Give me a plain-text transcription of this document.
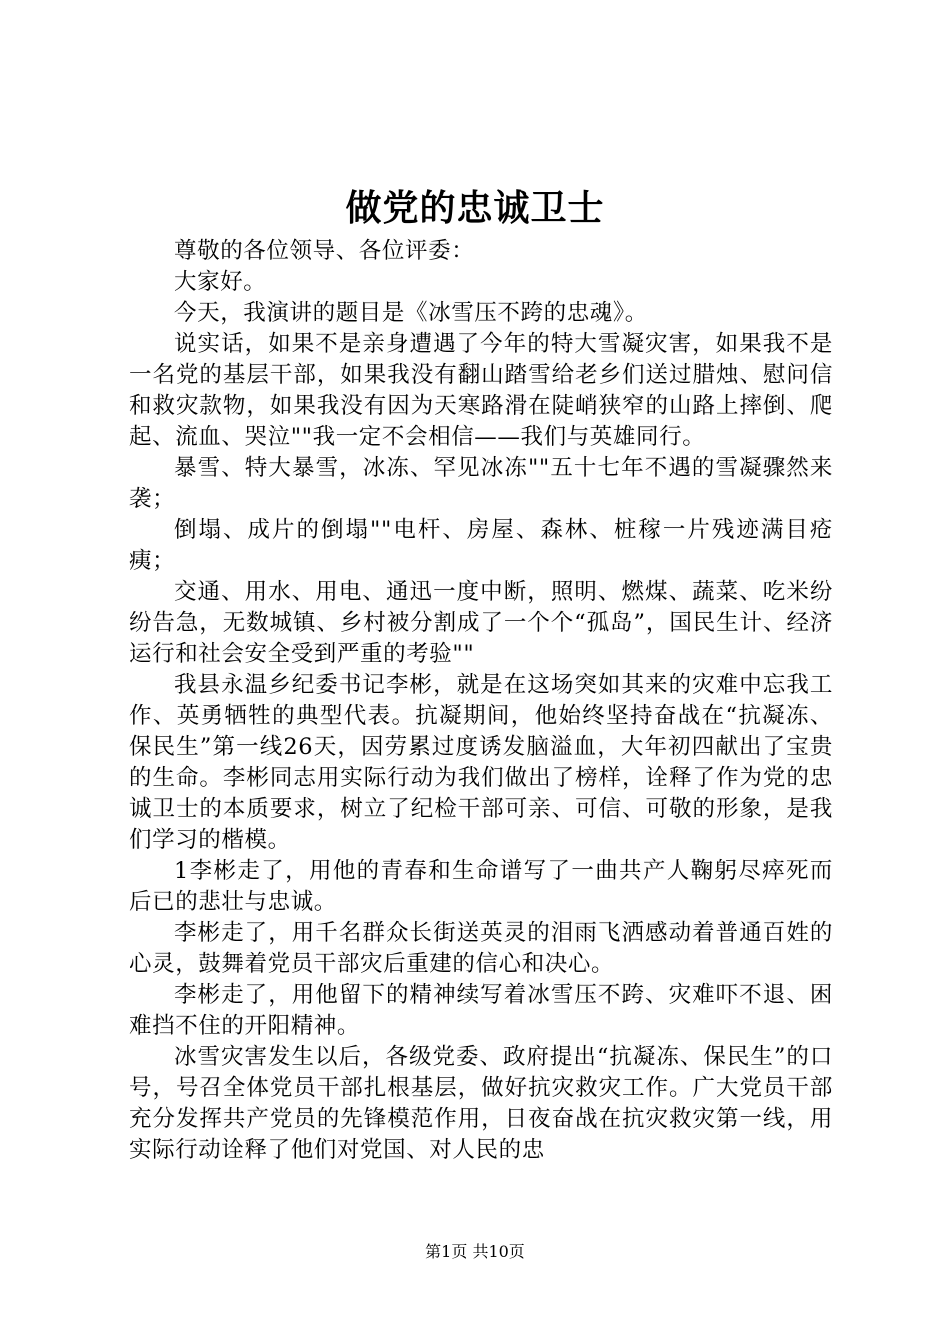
做党的忠诚卫士

尊敬的各位领导、各位评委：

大家好。

今天，我演讲的题目是《冰雪压不跨的忠魂》。

说实话，如果不是亲身遭遇了今年的特大雪凝灾害，如果我不是一名党的基层干部，如果我没有翻山踏雪给老乡们送过腊烛、慰问信和救灾款物，如果我没有因为天寒路滑在陡峭狭窄的山路上摔倒、爬起、流血、哭泣""我一定不会相信——我们与英雄同行。

暴雪、特大暴雪，冰冻、罕见冰冻""五十七年不遇的雪凝骤然来袭；

倒塌、成片的倒塌""电杆、房屋、森林、桩稼一片残迹满目疮痍；

交通、用水、用电、通迅一度中断，照明、燃煤、蔬菜、吃米纷纷告急，无数城镇、乡村被分割成了一个个“孤岛”，国民生计、经济运行和社会安全受到严重的考验""

我县永温乡纪委书记李彬，就是在这场突如其来的灾难中忘我工作、英勇牺牲的典型代表。抗凝期间，他始终坚持奋战在“抗凝冻、保民生”第一线26天，因劳累过度诱发脑溢血，大年初四献出了宝贵的生命。李彬同志用实际行动为我们做出了榜样，诠释了作为党的忠诚卫士的本质要求，树立了纪检干部可亲、可信、可敬的形象，是我们学习的楷模。

1李彬走了，用他的青春和生命谱写了一曲共产人鞠躬尽瘁死而后已的悲壮与忠诚。

李彬走了，用千名群众长街送英灵的泪雨飞洒感动着普通百姓的心灵，鼓舞着党员干部灾后重建的信心和决心。

李彬走了，用他留下的精神续写着冰雪压不跨、灾难吓不退、困难挡不住的开阳精神。

冰雪灾害发生以后，各级党委、政府提出“抗凝冻、保民生”的口号，号召全体党员干部扎根基层，做好抗灾救灾工作。广大党员干部充分发挥共产党员的先锋模范作用，日夜奋战在抗灾救灾第一线，用实际行动诠释了他们对党国、对人民的忠

第1页 共10页
